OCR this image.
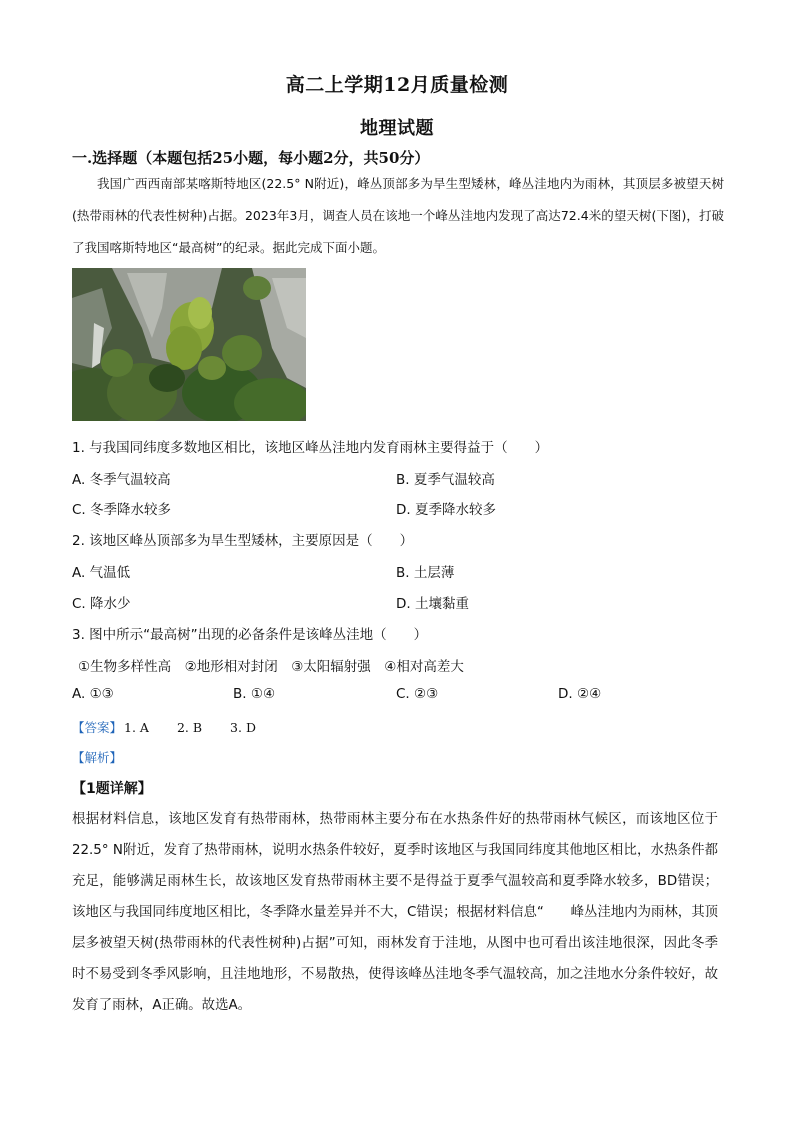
高二上学期12月质量检测
地理试题
一.选择题（本题包括25小题，每小题2分，共50分）
我国广西西南部某喀斯特地区(22.5° N附近)，峰丛顶部多为旱生型矮林，峰丛洼地内为雨林，其顶层多被望天树(热带雨林的代表性树种)占据。2023年3月，调查人员在该地一个峰丛洼地内发现了高达72.4米的望天树(下图)，打破了我国喀斯特地区“最高树”的纪录。据此完成下面小题。
1. 与我国同纬度多数地区相比，该地区峰丛洼地内发育雨林主要得益于（　　）
A. 冬季气温较高	B. 夏季气温较高
C. 冬季降水较多	D. 夏季降水较多
2. 该地区峰丛顶部多为旱生型矮林，主要原因是（　　）
A. 气温低	B. 土层薄
C. 降水少	D. 土壤黏重
3. 图中所示“最高树”出现的必备条件是该峰丛洼地（　　）
①生物多样性高　②地形相对封闭　③太阳辐射强　④相对高差大
A. ①③	B. ①④	C. ②③	D. ②④
【答案】 1. A 2. B 3. D
【解析】
【1题详解】
根据材料信息，该地区发育有热带雨林，热带雨林主要分布在水热条件好的热带雨林气候区，而该地区位于22.5° N附近，发育了热带雨林，说明水热条件较好，夏季时该地区与我国同纬度其他地区相比，水热条件都充足，能够满足雨林生长，故该地区发育热带雨林主要不是得益于夏季气温较高和夏季降水较多，BD错误；该地区与我国同纬度地区相比，冬季降水量差异并不大，C错误；根据材料信息“　　峰丛洼地内为雨林，其顶层多被望天树(热带雨林的代表性树种)占据”可知，雨林发育于洼地，从图中也可看出该洼地很深，因此冬季时不易受到冬季风影响，且洼地地形，不易散热，使得该峰丛洼地冬季气温较高，加之洼地水分条件较好，故发育了雨林，A正确。故选A。
